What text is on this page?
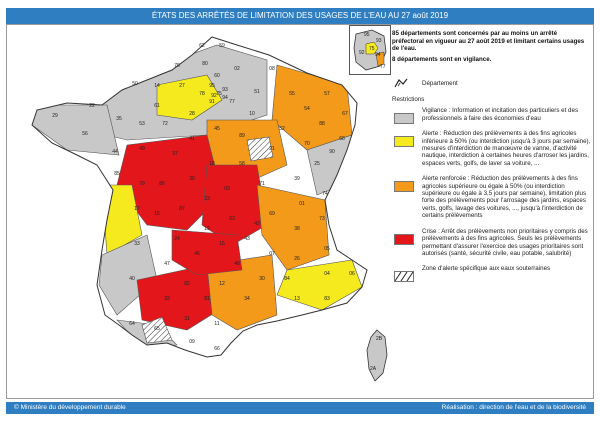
ÉTATS DES ARRÊTÉS DE LIMITATION DES USAGES DE L'EAU AU 27 août 2019
62
80
76
60
50	14
61
27
28
72
53
35
22
29
56
44	49
37
41
45
89
21
58
18
36
86
79
85
17
16
87
23
03
71
39
25
70
88
54
57
67
68
90
52
10
51	55
08
02
59
77
91
78
95
93
75
94
92
01
74
73
38
69
42
63
19
24
33
40
47
46
15
43
07
26
05
04	06
83
13
84
30
48
12
81
82
32
31
65
64
09
66
11
34
2A
2B
95
93
75
94
92
77

85 départements sont concernés par au moins un arrêté préfectoral en vigueur au 27 août 2019 et limitant certains usages de l'eau.

8 départements sont en vigilance.

Département

Restrictions

Vigilance : Information et incitation des particuliers et des professionnels à faire des économies d'eau
Alerte : Réduction des prélèvements à des fins agricoles inférieure à 50% (ou interdiction jusqu'à 3 jours par semaine), mesures d'interdiction de manœuvre de vanne, d'activité nautique, interdiction à certaines heures d'arroser les jardins, espaces verts, golfs, de laver sa voiture, ...
Alerte renforcée : Réduction des prélèvements à des fins agricoles supérieure ou égale à 50% (ou interdiction supérieure ou égale à 3,5 jours par semaine), limitation plus forte des prélèvements pour l'arrosage des jardins, espaces verts, golfs, lavage des voitures, ..., jusqu'à l'interdiction de certains prélèvements
Crise : Arrêt des prélèvements non prioritaires y compris des prélèvements à des fins agricoles. Seuls les prélèvements permettant d'assurer l'exercice des usages prioritaires sont autorisés (santé, sécurité civile, eau potable, salubrité)
Zone d'alerte spécifique aux eaux souterraines
© Ministère du développement durable	Réalisation : direction de l'eau et de la biodiversité
